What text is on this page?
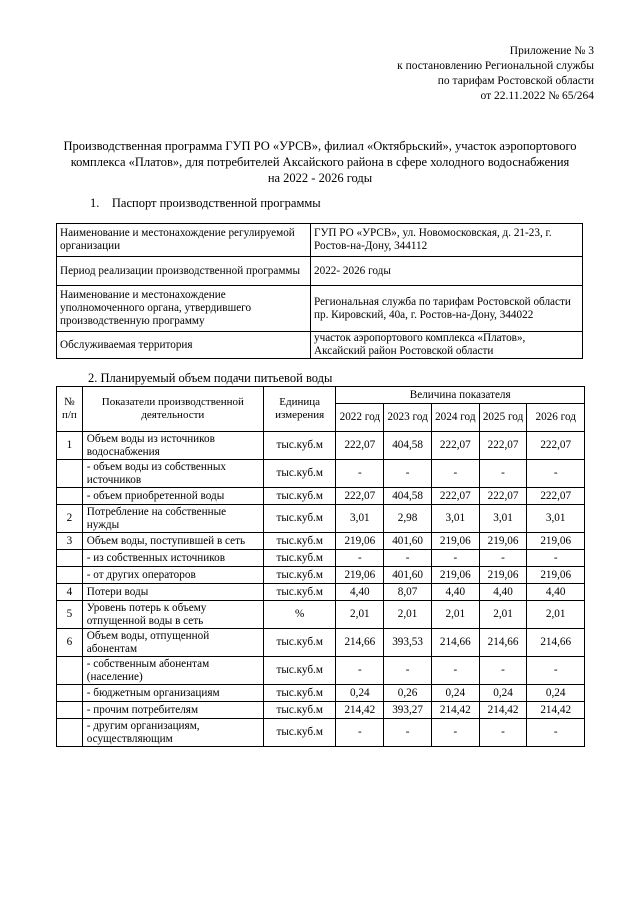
Приложение № 3
к постановлению Региональной службы
по тарифам Ростовской области
от 22.11.2022 № 65/264
Производственная программа ГУП РО «УРСВ», филиал «Октябрьский», участок аэропортового
комплекса «Платов», для потребителей Аксайского района в сфере холодного водоснабжения
на 2022 - 2026 годы
1. Паспорт производственной программы
Наименование и местонахождение регулируемой организации	ГУП РО «УРСВ», ул. Новомосковская, д. 21-23, г. Ростов-на-Дону, 344112
Период реализации производственной программы	2022- 2026 годы
Наименование и местонахождение уполномоченного органа, утвердившего производственную программу	Региональная служба по тарифам Ростовской области пр. Кировский, 40а, г. Ростов-на-Дону, 344022
Обслуживаемая территория	участок аэропортового комплекса «Платов», Аксайский район Ростовской области
2. Планируемый объем подачи питьевой воды
№ п/п	Показатели производственной деятельности	Единица измерения	Величина показателя				
			2022 год	2023 год	2024 год	2025 год	2026 год
1	Объем воды из источников водоснабжения	тыс.куб.м	222,07	404,58	222,07	222,07	222,07
	- объем воды из собственных источников	тыс.куб.м	-	-	-	-	-
	- объем приобретенной воды	тыс.куб.м	222,07	404,58	222,07	222,07	222,07
2	Потребление на собственные нужды	тыс.куб.м	3,01	2,98	3,01	3,01	3,01
3	Объем воды, поступившей в сеть	тыс.куб.м	219,06	401,60	219,06	219,06	219,06
	- из собственных источников	тыс.куб.м	-	-	-	-	-
	- от других операторов	тыс.куб.м	219,06	401,60	219,06	219,06	219,06
4	Потери воды	тыс.куб.м	4,40	8,07	4,40	4,40	4,40
5	Уровень потерь к объему отпущенной воды в сеть	%	2,01	2,01	2,01	2,01	2,01
6	Объем воды, отпущенной абонентам	тыс.куб.м	214,66	393,53	214,66	214,66	214,66
	- собственным абонентам (население)	тыс.куб.м	-	-	-	-	-
	- бюджетным организациям	тыс.куб.м	0,24	0,26	0,24	0,24	0,24
	- прочим потребителям	тыс.куб.м	214,42	393,27	214,42	214,42	214,42
	- другим организациям, осуществляющим	тыс.куб.м	-	-	-	-	-
